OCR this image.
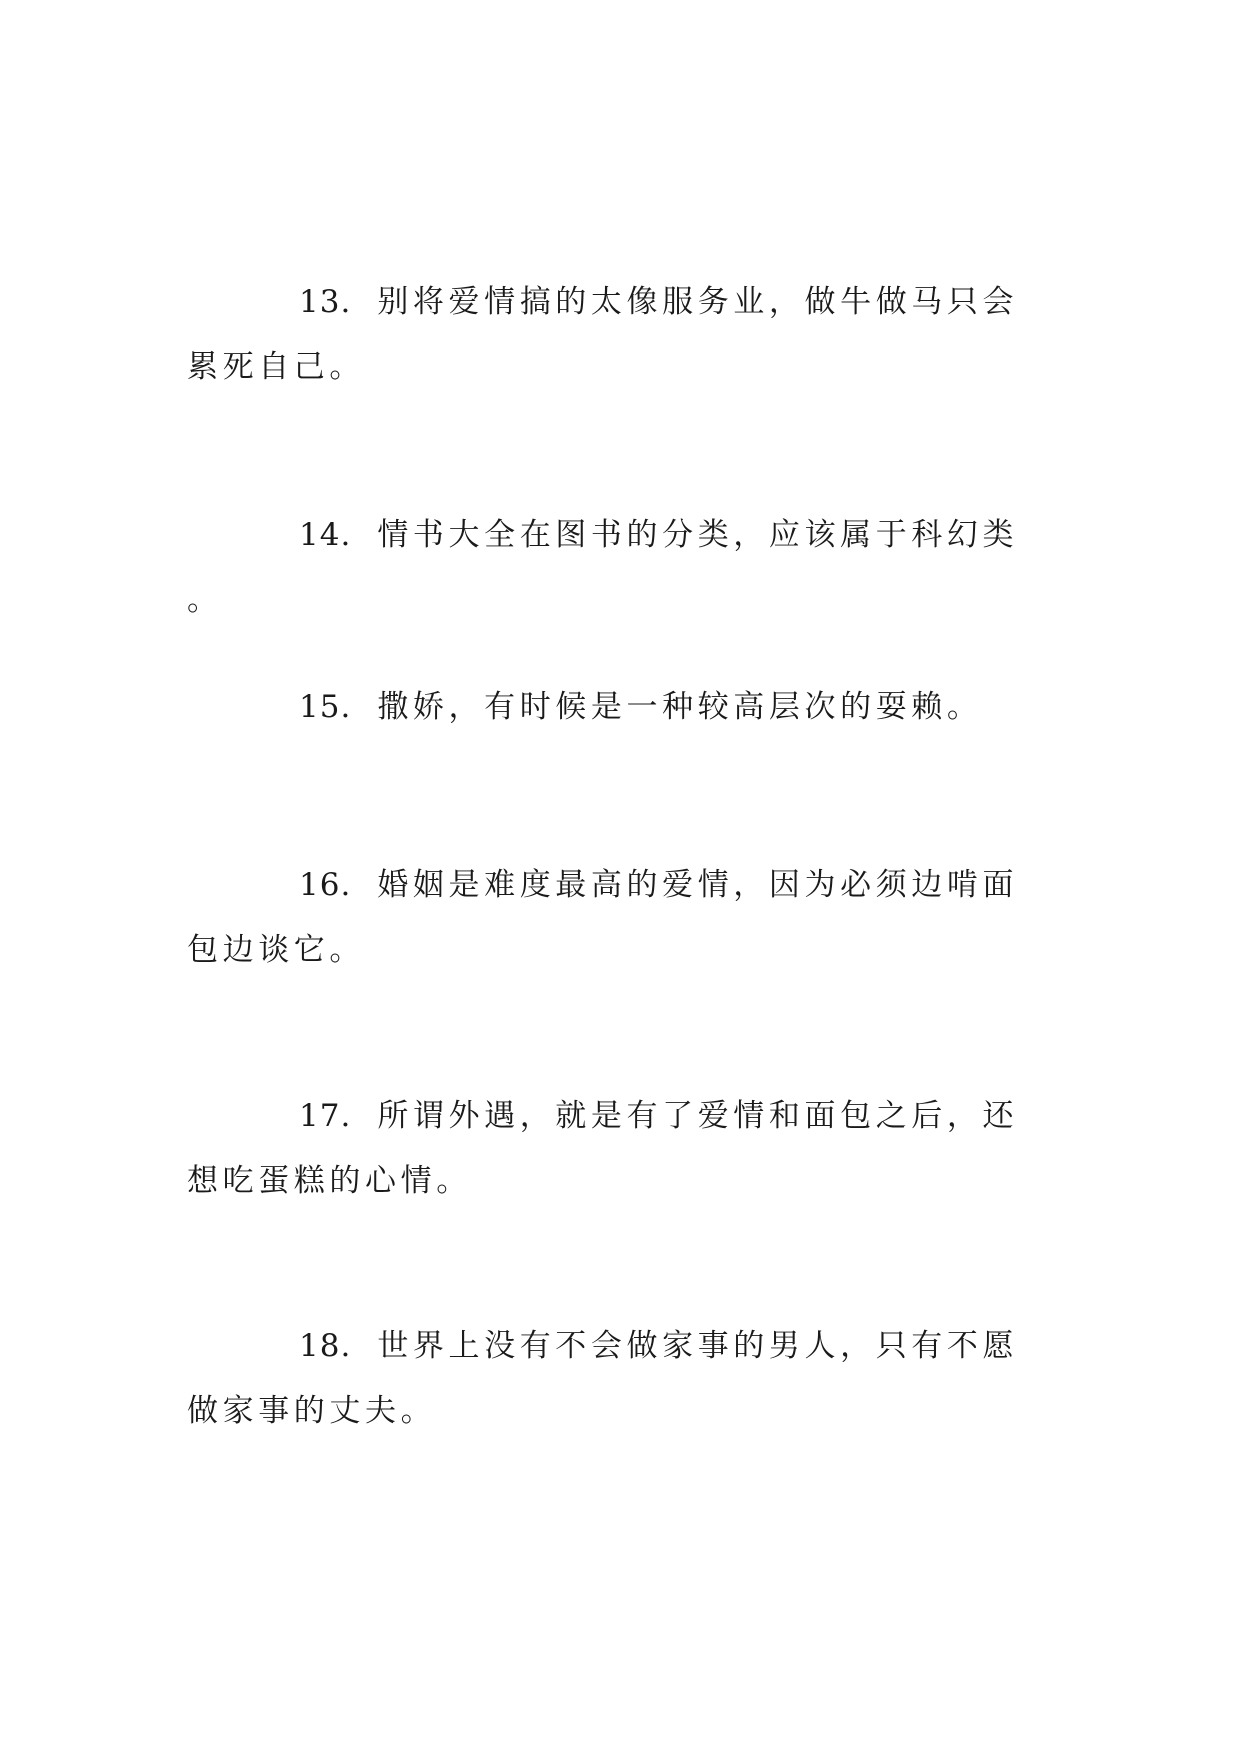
13. 别将爱情搞的太像服务业，做牛做马只会累死自己。

14. 情书大全在图书的分类，应该属于科幻类。

15. 撒娇，有时候是一种较高层次的耍赖。

16. 婚姻是难度最高的爱情，因为必须边啃面包边谈它。

17. 所谓外遇，就是有了爱情和面包之后，还想吃蛋糕的心情。

18. 世界上没有不会做家事的男人，只有不愿做家事的丈夫。
